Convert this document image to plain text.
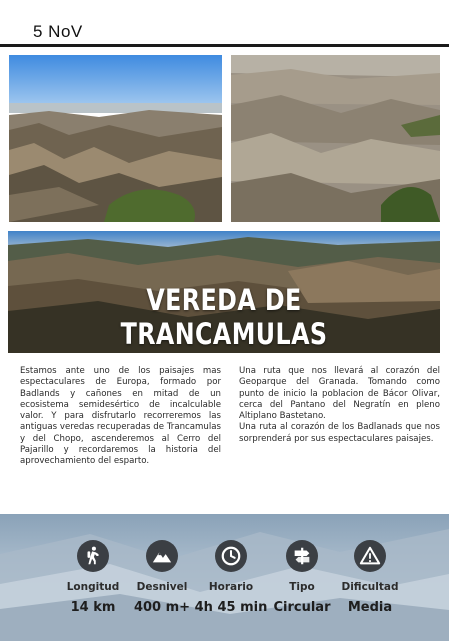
5 NoV
VEREDA DE TRANCAMULAS

Estamos ante uno de los paisajes mas espectaculares de Europa, formado por Badlands y cañones en mitad de un ecosistema semidesértico de incalculable valor. Y para disfrutarlo recorreremos las antiguas veredas recuperadas de Trancamulas y del Chopo, ascenderemos al Cerro del Pajarillo y recordaremos la historia del aprovechamiento del esparto.

Una ruta que nos llevará al corazón del Geoparque del Granada. Tomando como punto de inicio la poblacion de Bácor Olivar, cerca del Pantano del Negratín en pleno Altiplano Bastetano.

Una ruta al corazón de los Badlanads que nos sorprenderá por sus espectaculares paisajes.

Longitud
14 km
Desnivel
400 m+
Horario
4h 45 min
Tipo
Circular
Dificultad
Media
